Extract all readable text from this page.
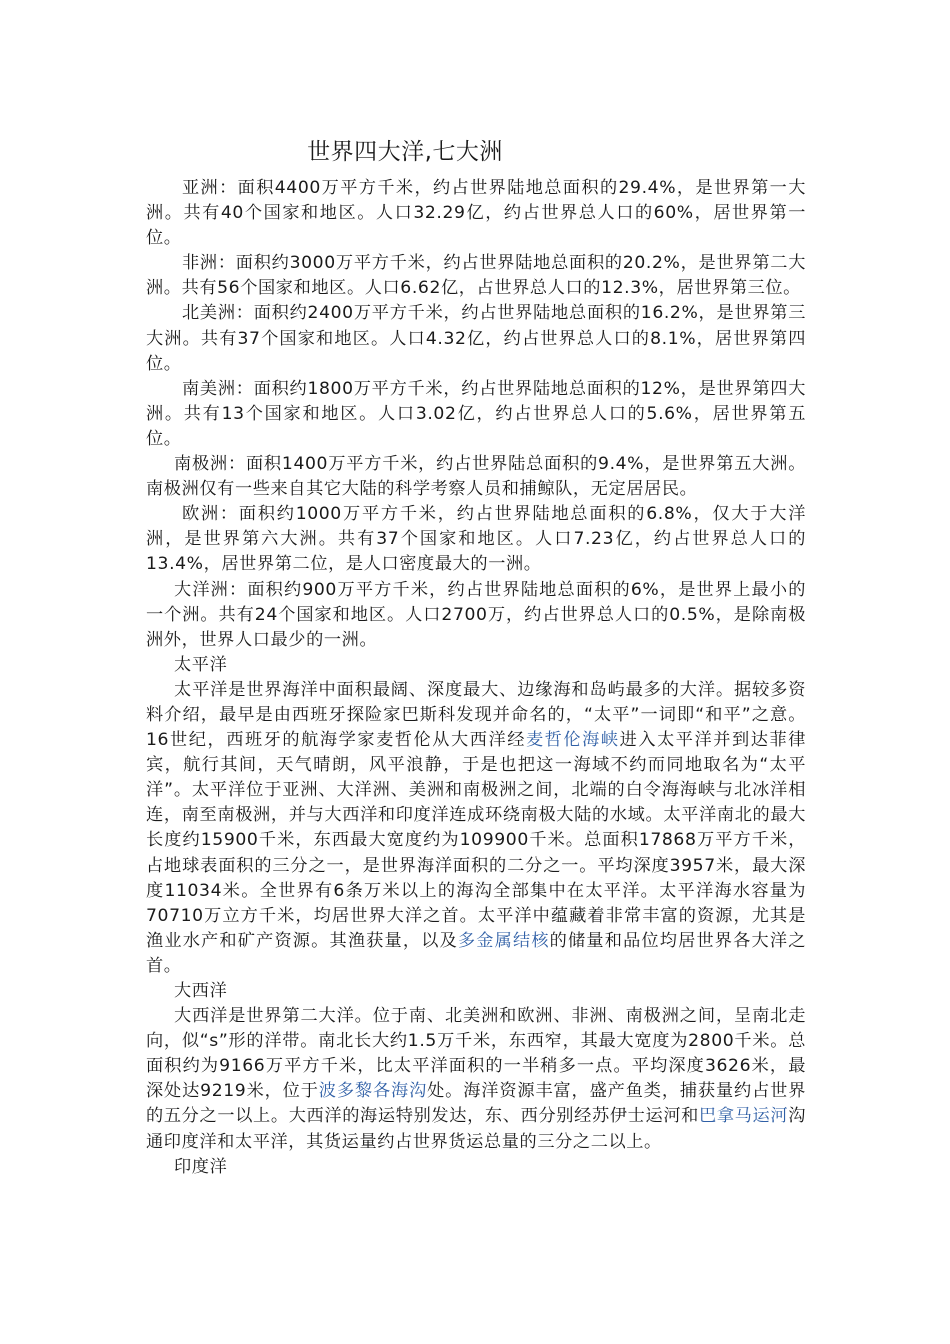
世界四大洋,七大洲

亚洲：面积4400万平方千米，约占世界陆地总面积的29.4%，是世界第一大洲。共有40个国家和地区。人口32.29亿，约占世界总人口的60%，居世界第一位。

非洲：面积约3000万平方千米，约占世界陆地总面积的20.2%，是世界第二大洲。共有56个国家和地区。人口6.62亿，占世界总人口的12.3%，居世界第三位。

北美洲：面积约2400万平方千米，约占世界陆地总面积的16.2%，是世界第三大洲。共有37个国家和地区。人口4.32亿，约占世界总人口的8.1%，居世界第四位。

南美洲：面积约1800万平方千米，约占世界陆地总面积的12%，是世界第四大洲。共有13个国家和地区。人口3.02亿，约占世界总人口的5.6%，居世界第五位。

南极洲：面积1400万平方千米，约占世界陆总面积的9.4%，是世界第五大洲。南极洲仅有一些来自其它大陆的科学考察人员和捕鲸队，无定居居民。

欧洲：面积约1000万平方千米，约占世界陆地总面积的6.8%，仅大于大洋洲，是世界第六大洲。共有37个国家和地区。人口7.23亿，约占世界总人口的13.4%，居世界第二位，是人口密度最大的一洲。

大洋洲：面积约900万平方千米，约占世界陆地总面积的6%，是世界上最小的一个洲。共有24个国家和地区。人口2700万，约占世界总人口的0.5%，是除南极洲外，世界人口最少的一洲。

太平洋

太平洋是世界海洋中面积最阔、深度最大、边缘海和岛屿最多的大洋。据较多资料介绍，最早是由西班牙探险家巴斯科发现并命名的，“太平”一词即“和平”之意。16世纪，西班牙的航海学家麦哲伦从大西洋经麦哲伦海峡进入太平洋并到达菲律宾，航行其间，天气晴朗，风平浪静，于是也把这一海域不约而同地取名为“太平洋”。太平洋位于亚洲、大洋洲、美洲和南极洲之间，北端的白令海海峡与北冰洋相连，南至南极洲，并与大西洋和印度洋连成环绕南极大陆的水域。太平洋南北的最大长度约15900千米，东西最大宽度约为109900千米。总面积17868万平方千米，占地球表面积的三分之一，是世界海洋面积的二分之一。平均深度3957米，最大深度11034米。全世界有6条万米以上的海沟全部集中在太平洋。太平洋海水容量为70710万立方千米，均居世界大洋之首。太平洋中蕴藏着非常丰富的资源，尤其是渔业水产和矿产资源。其渔获量，以及多金属结核的储量和品位均居世界各大洋之首。

大西洋

大西洋是世界第二大洋。位于南、北美洲和欧洲、非洲、南极洲之间，呈南北走向，似“s”形的洋带。南北长大约1.5万千米，东西窄，其最大宽度为2800千米。总面积约为9166万平方千米，比太平洋面积的一半稍多一点。平均深度3626米，最深处达9219米，位于波多黎各海沟处。海洋资源丰富，盛产鱼类，捕获量约占世界的五分之一以上。大西洋的海运特别发达，东、西分别经苏伊士运河和巴拿马运河沟通印度洋和太平洋，其货运量约占世界货运总量的三分之二以上。

印度洋
